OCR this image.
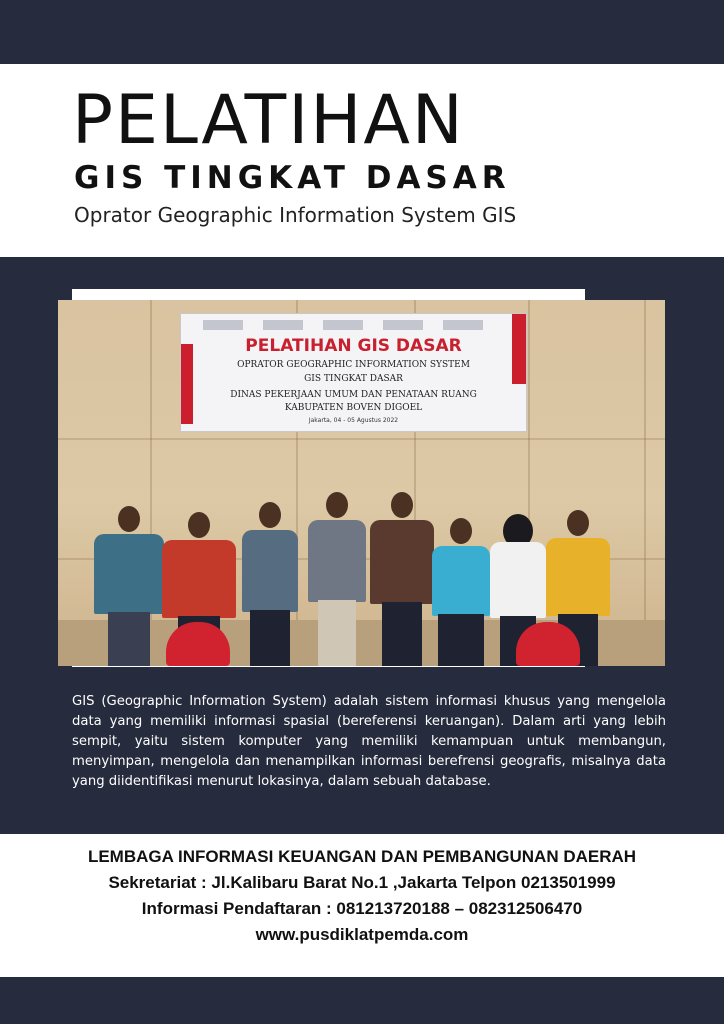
PELATIHAN
GIS TINGKAT DASAR

Oprator Geographic Information System GIS

PELATIHAN GIS DASAR
OPRATOR GEOGRAPHIC INFORMATION SYSTEM
GIS TINGKAT DASAR
DINAS PEKERJAAN UMUM DAN PENATAAN RUANG
KABUPATEN BOVEN DIGOEL
Jakarta, 04 - 05 Agustus 2022

GIS (Geographic Information System) adalah sistem informasi khusus yang mengelola data yang memiliki informasi spasial (bereferensi keruangan). Dalam arti yang lebih sempit, yaitu sistem komputer yang memiliki kemampuan untuk membangun, menyimpan, mengelola dan menampilkan informasi berefrensi geografis, misalnya data yang diidentifikasi menurut lokasinya, dalam sebuah database.

LEMBAGA INFORMASI KEUANGAN DAN PEMBANGUNAN DAERAH

Sekretariat : Jl.Kalibaru Barat No.1 ,Jakarta Telpon 0213501999

Informasi Pendaftaran : 081213720188 – 082312506470

www.pusdiklatpemda.com
